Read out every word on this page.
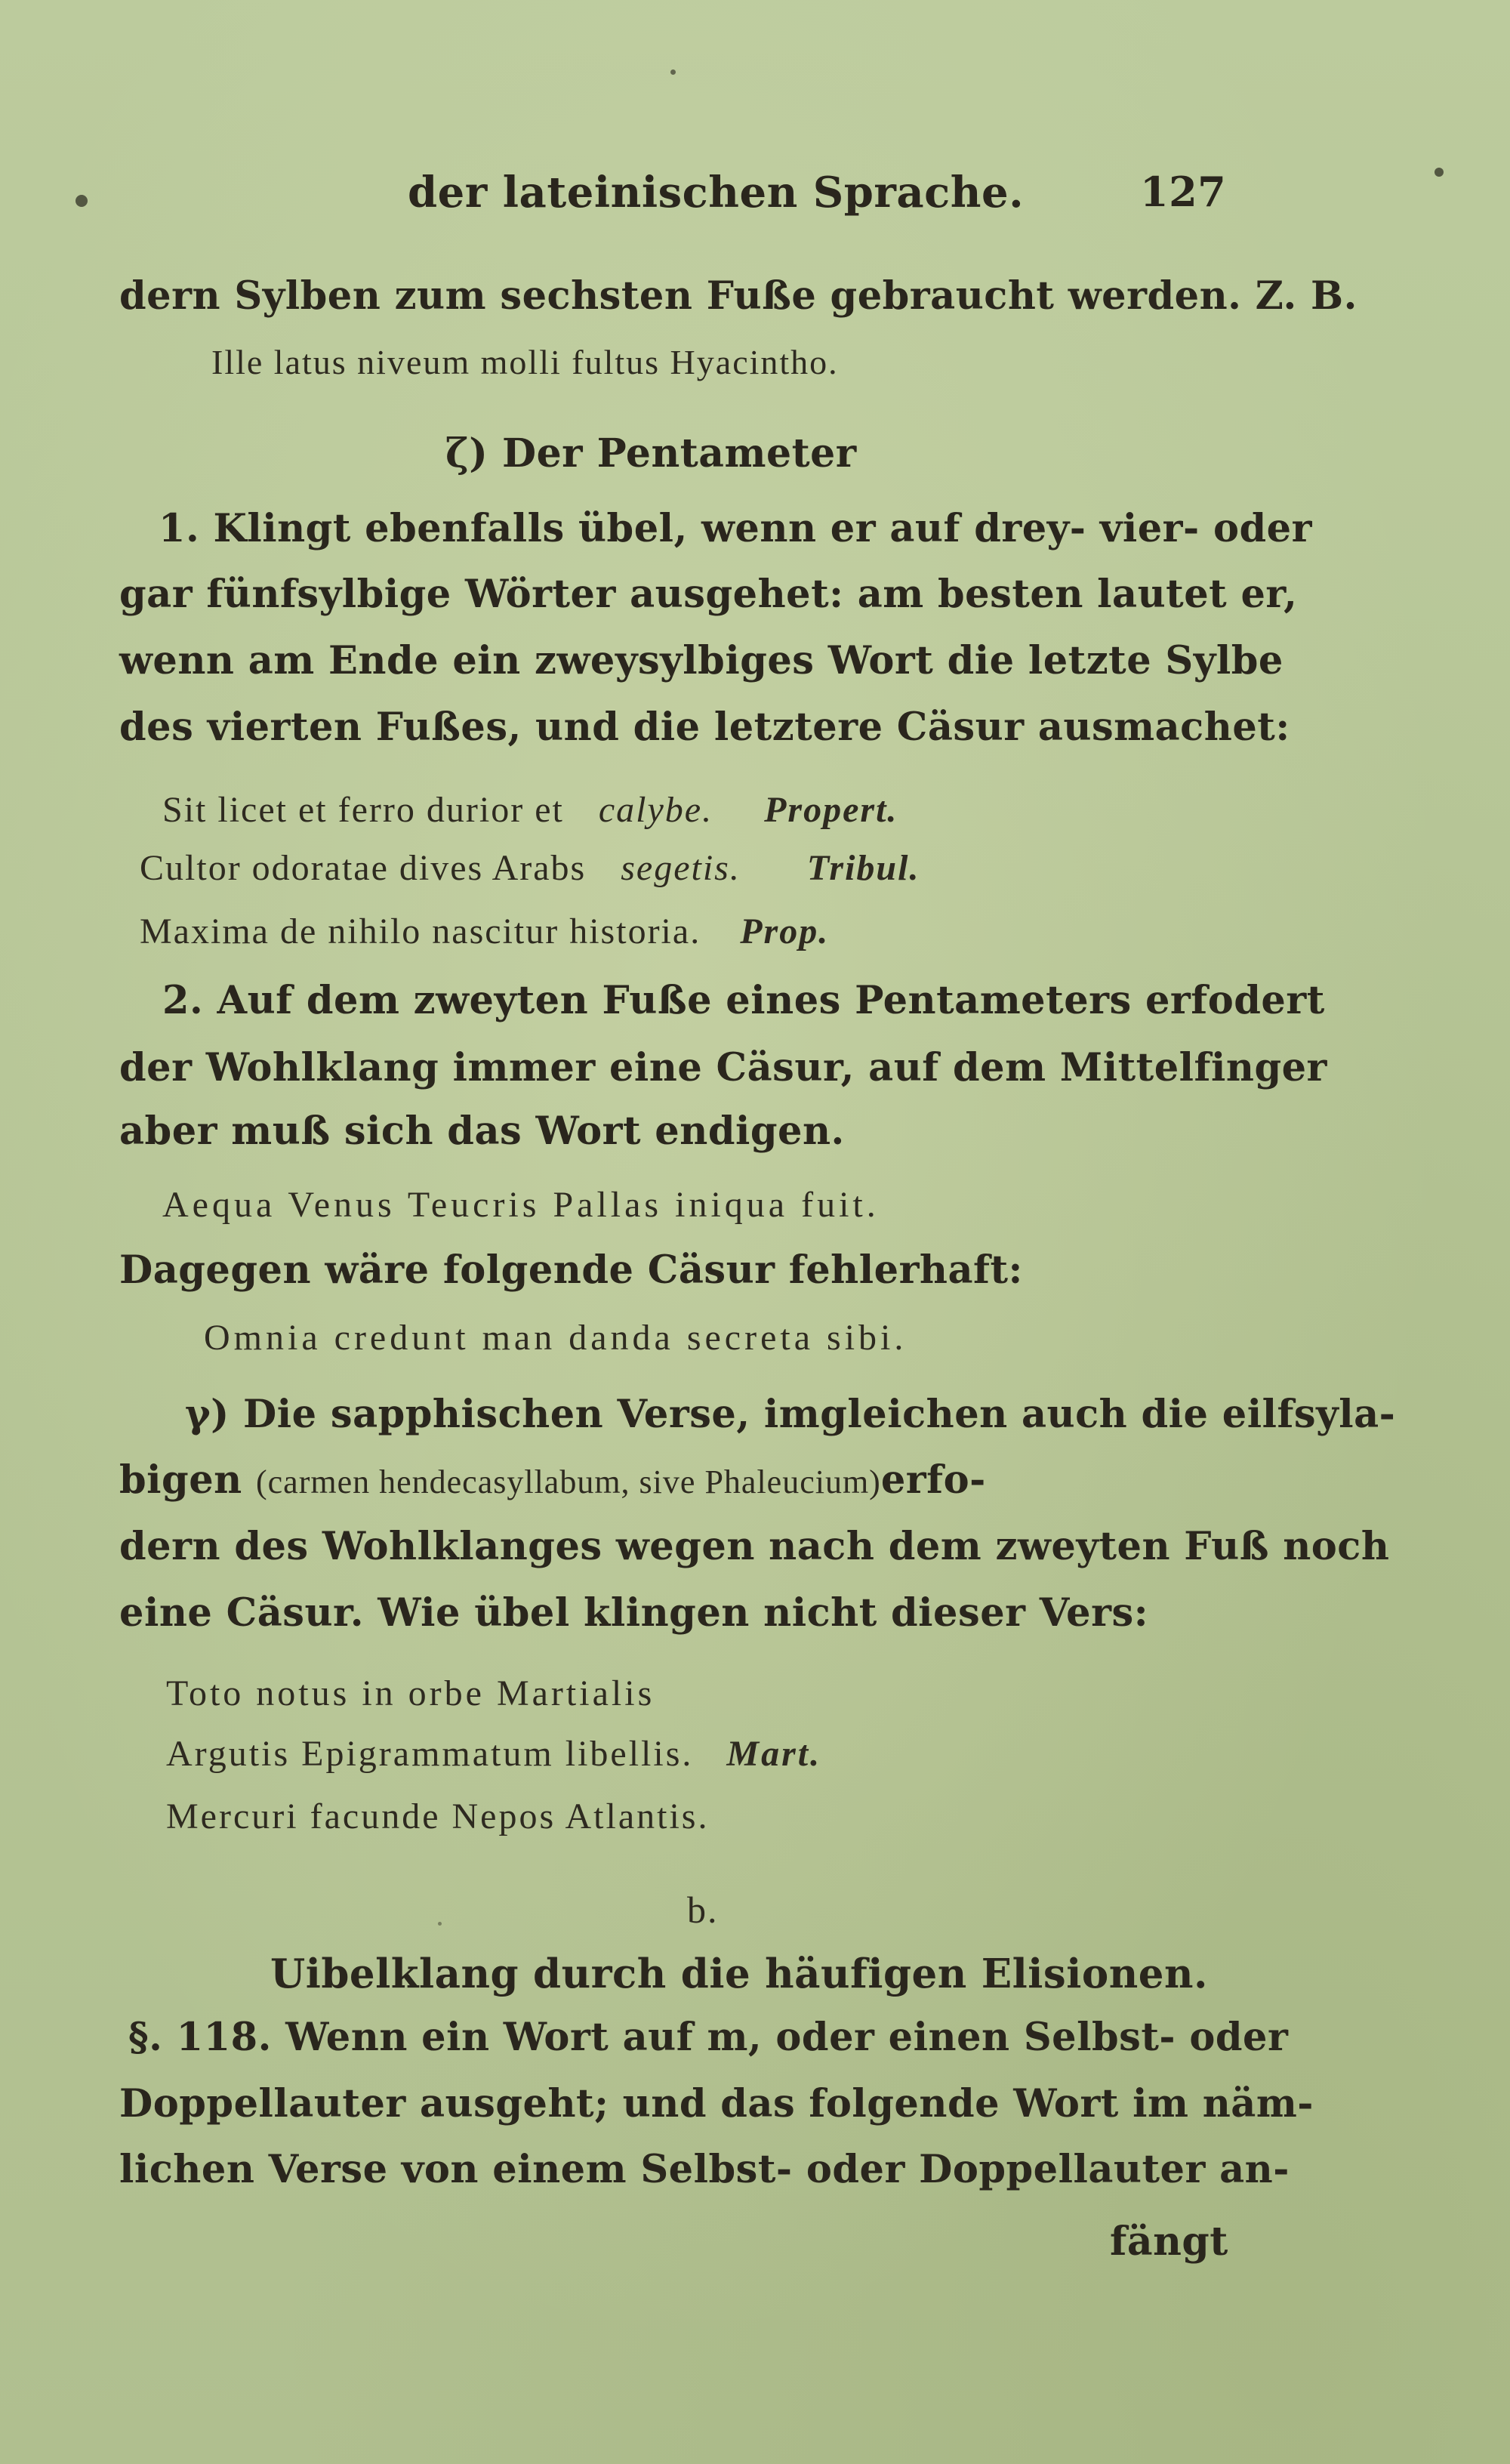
der lateinischen Sprache.	127
dern Sylben zum sechsten Fuße gebraucht werden. Z. B.
Ille latus niveum molli fultus Hyacintho.
ζ) Der Pentameter
1. Klingt ebenfalls übel, wenn er auf drey- vier- oder
gar fünfsylbige Wörter ausgehet: am besten lautet er,
wenn am Ende ein zweysylbiges Wort die letzte Sylbe
des vierten Fußes, und die letztere Cäsur ausmachet:
Sit licet et ferro durior et calybe. Propert.
Cultor odoratae dives Arabs segetis. Tribul.
Maxima de nihilo nascitur historia. Prop.
2. Auf dem zweyten Fuße eines Pentameters erfodert
der Wohlklang immer eine Cäsur, auf dem Mittelfinger
aber muß sich das Wort endigen.
Aequa Venus Teucris Pallas iniqua fuit.
Dagegen wäre folgende Cäsur fehlerhaft:
Omnia credunt man danda secreta sibi.
γ) Die sapphischen Verse, imgleichen auch die eilfsylа-
bigen (carmen hendecasyllabum, sive Phaleucium)erfo-
dern des Wohlklanges wegen nach dem zweyten Fuß noch
eine Cäsur. Wie übel klingen nicht dieser Vers:
Toto notus in orbe Martialis
Argutis Epigrammatum libellis. Mart.
Mercuri facunde Nepos Atlantis.
b.
Uibelklang durch die häufigen Elisionen.
§. 118. Wenn ein Wort auf m, oder einen Selbst- oder
Doppellauter ausgeht; und das folgende Wort im näm-
lichen Verse von einem Selbst- oder Doppellauter an-
fängt
